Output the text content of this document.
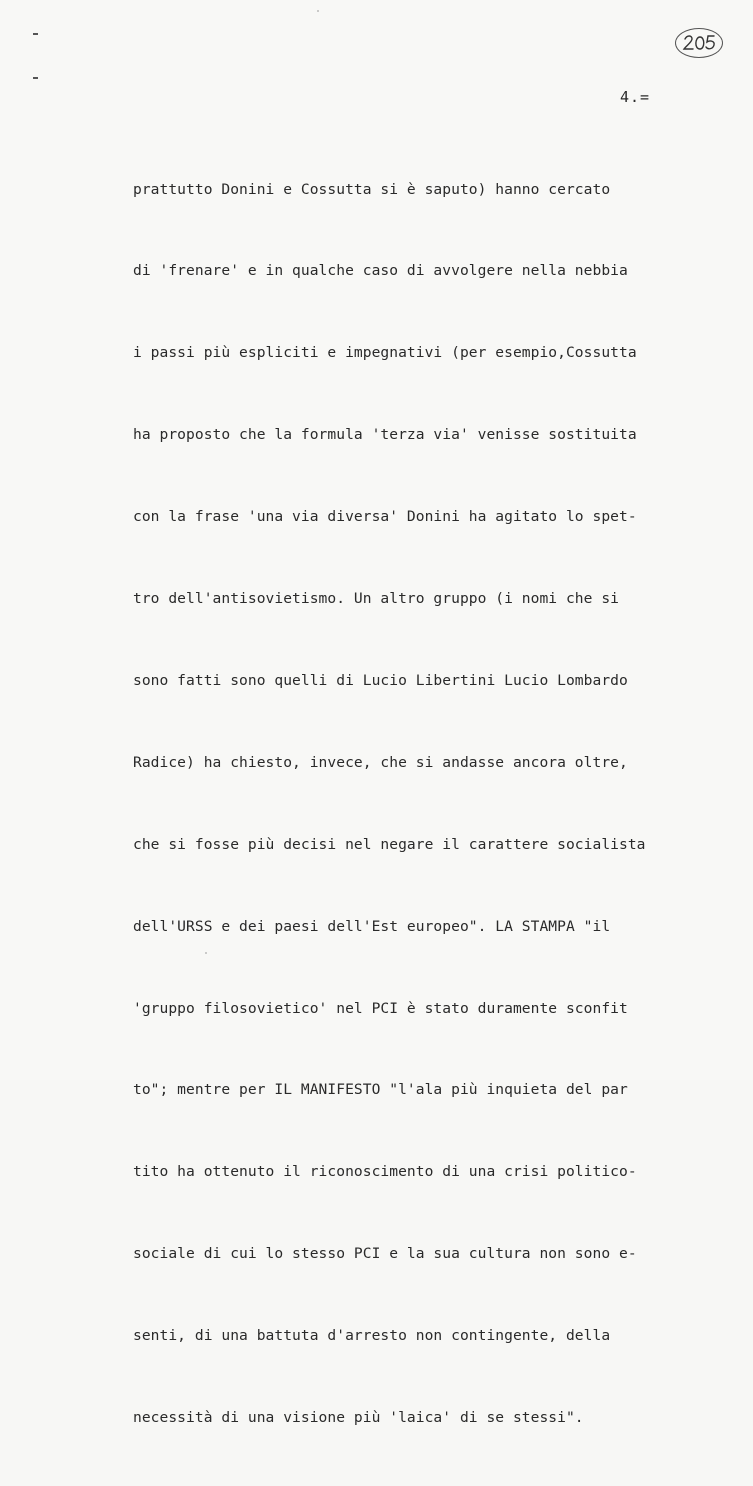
4.=

prattutto Donini e Cossutta si è saputo) hanno cercato

di 'frenare' e in qualche caso di avvolgere nella nebbia

i passi più espliciti e impegnativi (per esempio,Cossutta

ha proposto che la formula 'terza via' venisse sostituita

con la frase 'una via diversa' Donini ha agitato lo spet-

tro dell'antisovietismo. Un altro gruppo (i nomi che si

sono fatti sono quelli di Lucio Libertini Lucio Lombardo

Radice) ha chiesto, invece, che si andasse ancora oltre,

che si fosse più decisi nel negare il carattere socialista

dell'URSS e dei paesi dell'Est europeo". LA STAMPA "il

'gruppo filosovietico' nel PCI è stato duramente sconfit

to"; mentre per IL MANIFESTO "l'ala più inquieta del par

tito ha ottenuto il riconoscimento di una crisi politico-

sociale di cui lo stesso PCI e la sua cultura non sono e-

senti, di una battuta d'arresto non contingente, della

necessità di una visione più 'laica' di se stessi".
